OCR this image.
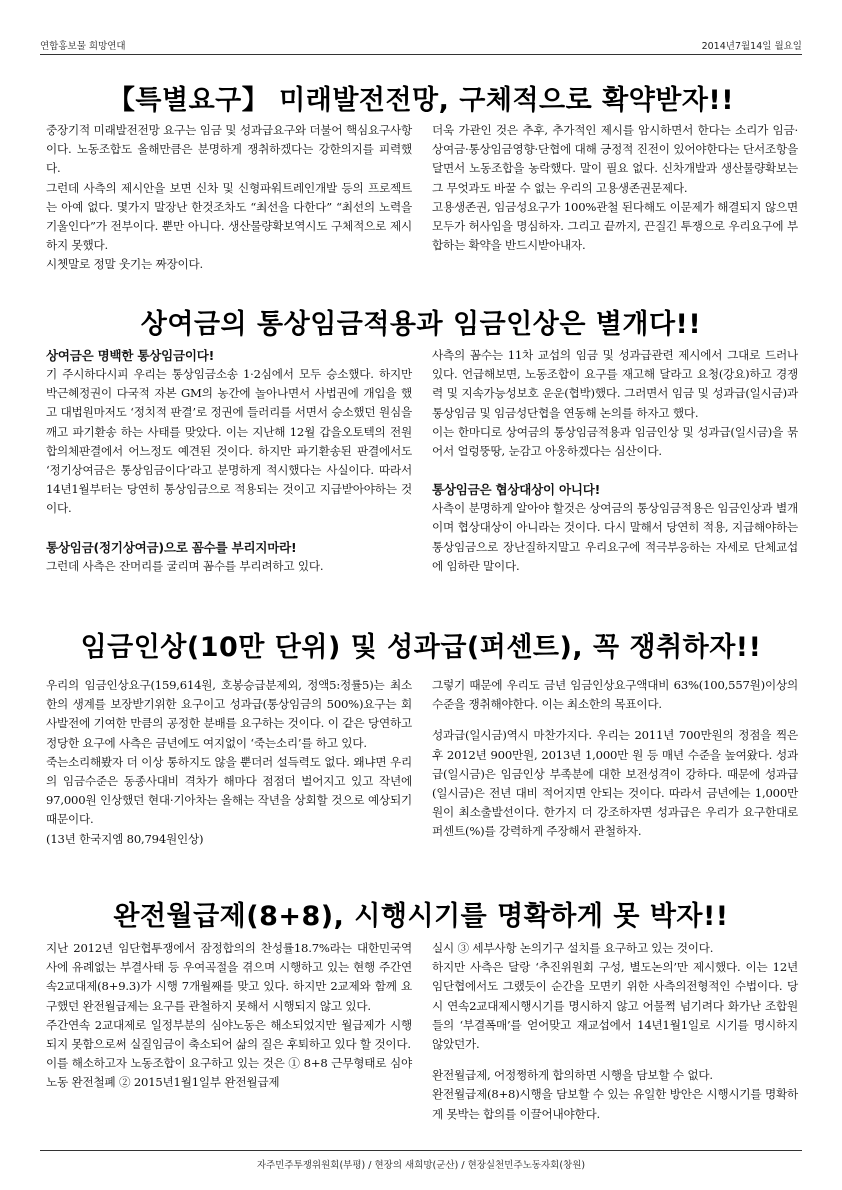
연합홍보물 희망연대	2014년7월14일 월요일
【특별요구】 미래발전전망, 구체적으로 확약받자!!

중장기적 미래발전전망 요구는 임금 및 성과급요구와 더불어 핵심요구사항이다. 노동조합도 올해만큼은 분명하게 쟁취하겠다는 강한의지를 피력했다.

그런데 사측의 제시안을 보면 신차 및 신형파워트레인개발 등의 프로젝트는 아예 없다. 몇가지 말장난 한것조차도 “최선을 다한다” “최선의 노력을 기울인다”가 전부이다. 뿐만 아니다. 생산물량확보역시도 구체적으로 제시하지 못했다.

시쳇말로 정말 웃기는 짜장이다.

더욱 가관인 것은 추후, 추가적인 제시를 암시하면서 한다는 소리가 임금·상여금·통상임금영향·단협에 대해 긍정적 진전이 있어야한다는 단서조항을 달면서 노동조합을 농락했다. 말이 필요 없다. 신차개발과 생산물량확보는 그 무엇과도 바꿀 수 없는 우리의 고용생존권문제다.

고용생존권, 임금성요구가 100%관철 된다해도 이문제가 해결되지 않으면 모두가 허사임을 명심하자. 그리고 끝까지, 끈질긴 투쟁으로 우리요구에 부합하는 확약을 반드시받아내자.

상여금의 통상임금적용과 임금인상은 별개다!!

상여금은 명백한 통상임금이다!

기 주시하다시피 우리는 통상임금소송 1·2심에서 모두 승소했다. 하지만 박근혜정권이 다국적 자본 GM의 농간에 놀아나면서 사법권에 개입을 했고 대법원마저도 ‘정치적 판결’로 정권에 들러리를 서면서 승소했던 원심을 깨고 파기환송 하는 사태를 맞았다. 이는 지난해 12월 갑을오토텍의 전원합의체판결에서 어느정도 예견된 것이다. 하지만 파기환송된 판결에서도 ‘정기상여금은 통상임금이다’라고 분명하게 적시했다는 사실이다. 따라서 14년1월부터는 당연히 통상임금으로 적용되는 것이고 지급받아야하는 것이다.

통상임금(정기상여금)으로 꼼수를 부리지마라!

그런데 사측은 잔머리를 굴리며 꼼수를 부리려하고 있다.

사측의 꼼수는 11차 교섭의 임금 및 성과급관련 제시에서 그대로 드러나 있다. 언급해보면, 노동조합이 요구를 재고해 달라고 요청(강요)하고 경쟁력 및 지속가능성보호 운운(협박)했다. 그러면서 임금 및 성과급(일시금)과 통상임금 및 임금성단협을 연동해 논의를 하자고 했다.

이는 한마디로 상여금의 통상임금적용과 임금인상 및 성과급(일시금)을 묶어서 얼렁뚱땅, 눈감고 아웅하겠다는 심산이다.

통상임금은 협상대상이 아니다!

사측이 분명하게 알아야 할것은 상여금의 통상임금적용은 임금인상과 별개이며 협상대상이 아니라는 것이다. 다시 말해서 당연히 적용, 지급해야하는 통상임금으로 장난질하지말고 우리요구에 적극부응하는 자세로 단체교섭에 임하란 말이다.

임금인상(10만 단위) 및 성과급(퍼센트), 꼭 쟁취하자!!

우리의 임금인상요구(159,614원, 호봉승급분제외, 정액5:정률5)는 최소한의 생계를 보장받기위한 요구이고 성과급(통상임금의 500%)요구는 회사발전에 기여한 만큼의 공정한 분배를 요구하는 것이다. 이 같은 당연하고 정당한 요구에 사측은 금년에도 여지없이 ‘죽는소리’를 하고 있다.

죽는소리해봤자 더 이상 통하지도 않을 뿐더러 설득력도 없다. 왜냐면 우리의 임금수준은 동종사대비 격차가 해마다 점점더 벌어지고 있고 작년에 97,000원 인상했던 현대·기아차는 올해는 작년을 상회할 것으로 예상되기 때문이다.

(13년 한국지엠 80,794원인상)

그렇기 때문에 우리도 금년 임금인상요구액대비 63%(100,557원)이상의 수준을 쟁취해야한다. 이는 최소한의 목표이다.

성과급(일시금)역시 마찬가지다. 우리는 2011년 700만원의 정점을 찍은 후 2012년 900만원, 2013년 1,000만 원 등 매년 수준을 높여왔다. 성과급(일시금)은 임금인상 부족분에 대한 보전성격이 강하다. 때문에 성과급(일시금)은 전년 대비 적어지면 안되는 것이다. 따라서 금년에는 1,000만원이 최소출발선이다. 한가지 더 강조하자면 성과급은 우리가 요구한대로 퍼센트(%)를 강력하게 주장해서 관철하자.

완전월급제(8+8), 시행시기를 명확하게 못 박자!!

지난 2012년 임단협투쟁에서 잠정합의의 찬성률18.7%라는 대한민국역사에 유례없는 부결사태 등 우여곡절을 겪으며 시행하고 있는 현행 주간연속2교대제(8+9.3)가 시행 7개월째를 맞고 있다. 하지만 2교제와 함께 요구했던 완전월급제는 요구를 관철하지 못해서 시행되지 않고 있다.

주간연속 2교대제로 일정부분의 심야노동은 해소되었지만 월급제가 시행되지 못함으로써 실질임금이 축소되어 삶의 질은 후퇴하고 있다 할 것이다.

이를 해소하고자 노동조합이 요구하고 있는 것은 ① 8+8 근무형태로 심야노동 완전철폐 ② 2015년1월1일부 완전월급제

실시 ③ 세부사항 논의기구 설치를 요구하고 있는 것이다.

하지만 사측은 달랑 ‘추진위원회 구성, 별도논의’만 제시했다. 이는 12년 임단협에서도 그랬듯이 순간을 모면키 위한 사측의전형적인 수법이다. 당시 연속2교대제시행시기를 명시하지 않고 어물쩍 넘기려다 화가난 조합원들의 ‘부결폭매’를 얻어맞고 재교섭에서 14년1월1일로 시기를 명시하지 않았던가.

완전월급제, 어정쩡하게 합의하면 시행을 담보할 수 없다.

완전월급제(8+8)시행을 담보할 수 있는 유일한 방안은 시행시기를 명확하게 못박는 합의를 이끌어내야한다.

자주민주투쟁위원회(부평) / 현장의 새희망(군산) / 현장실천민주노동자회(창원)
